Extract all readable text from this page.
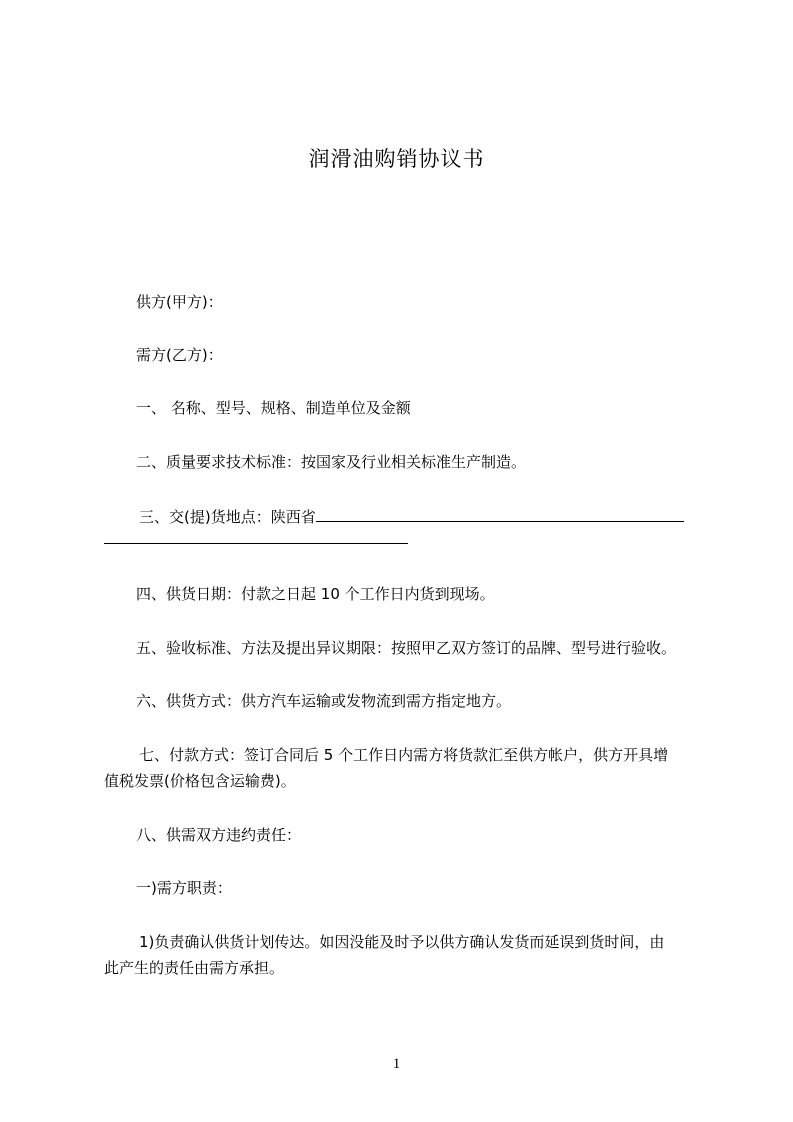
润滑油购销协议书
供方(甲方)：
需方(乙方)：
一、 名称、型号、规格、制造单位及金额
二、质量要求技术标准：按国家及行业相关标准生产制造。
三、交(提)货地点：陕西省
四、供货日期：付款之日起 10 个工作日内货到现场。
五、验收标准、方法及提出异议期限：按照甲乙双方签订的品牌、型号进行验收。
六、供货方式：供方汽车运输或发物流到需方指定地方。
七、付款方式：签订合同后 5 个工作日内需方将货款汇至供方帐户，供方开具增
值税发票(价格包含运输费)。
八、供需双方违约责任：
一)需方职责：
1)负责确认供货计划传达。如因没能及时予以供方确认发货而延误到货时间，由
此产生的责任由需方承担。
1
